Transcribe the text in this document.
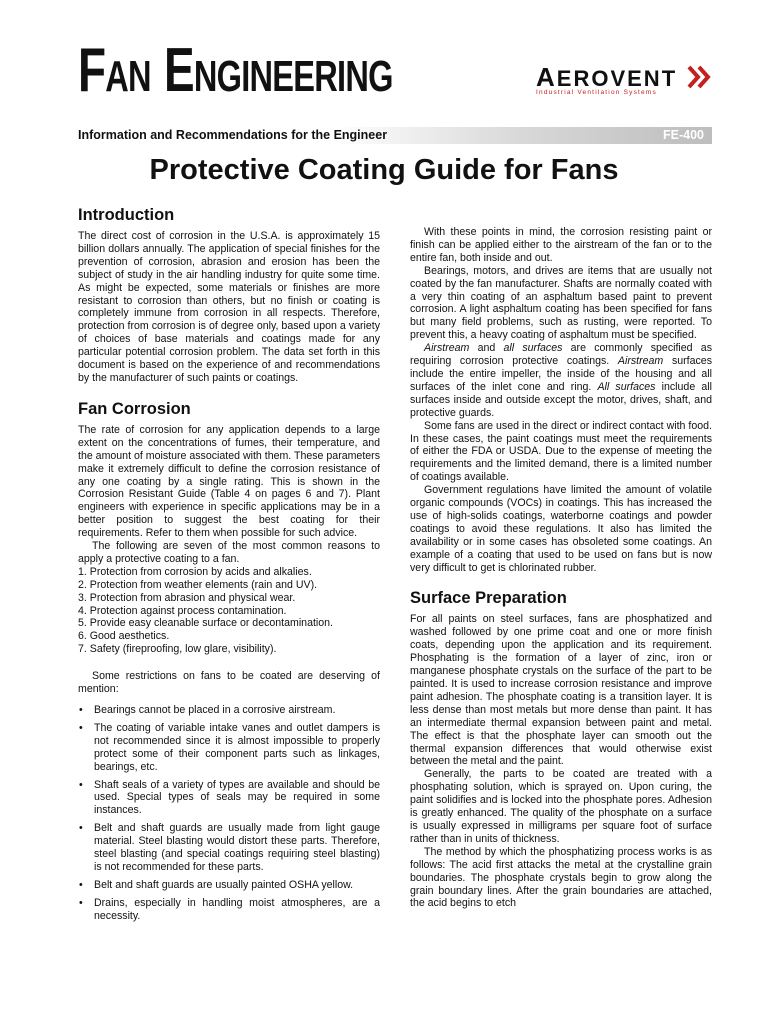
FAN ENGINEERING	AEROVENT
Industrial Ventilation Systems
Information and Recommendations for the Engineer	FE-400
Protective Coating Guide for Fans
Introduction

The direct cost of corrosion in the U.S.A. is approximately 15 billion dollars annually. The application of special finishes for the prevention of corrosion, abrasion and erosion has been the subject of study in the air handling industry for quite some time. As might be expected, some materials or finishes are more resistant to corrosion than others, but no finish or coating is completely immune from corrosion in all respects. Therefore, protection from corrosion is of degree only, based upon a variety of choices of base materials and coatings made for any particular potential corrosion problem. The data set forth in this document is based on the experience of and recommendations by the manufacturer of such paints or coatings.

Fan Corrosion

The rate of corrosion for any application depends to a large extent on the concentrations of fumes, their temperature, and the amount of moisture associated with them. These parameters make it extremely difficult to define the corrosion resistance of any one coating by a single rating. This is shown in the Corrosion Resistant Guide (Table 4 on pages 6 and 7). Plant engineers with experience in specific applications may be in a better position to suggest the best coating for their requirements. Refer to them when possible for such advice.

The following are seven of the most common reasons to apply a protective coating to a fan.

1. Protection from corrosion by acids and alkalies.
2. Protection from weather elements (rain and UV).
3. Protection from abrasion and physical wear.
4. Protection against process contamination.
5. Provide easy cleanable surface or decontamination.
6. Good aesthetics.
7. Safety (fireproofing, low glare, visibility).

Some restrictions on fans to be coated are deserving of mention:

• Bearings cannot be placed in a corrosive airstream.
• The coating of variable intake vanes and outlet dampers is not recommended since it is almost impossible to properly protect some of their component parts such as linkages, bearings, etc.
• Shaft seals of a variety of types are available and should be used. Special types of seals may be required in some instances.
• Belt and shaft guards are usually made from light gauge material. Steel blasting would distort these parts. Therefore, steel blasting (and special coatings requiring steel blasting) is not recommended for these parts.
• Belt and shaft guards are usually painted OSHA yellow.
• Drains, especially in handling moist atmospheres, are a necessity.

With these points in mind, the corrosion resisting paint or finish can be applied either to the airstream of the fan or to the entire fan, both inside and out.

Bearings, motors, and drives are items that are usually not coated by the fan manufacturer. Shafts are normally coated with a very thin coating of an asphaltum based paint to prevent corrosion. A light asphaltum coating has been specified for fans but many field problems, such as rusting, were reported. To prevent this, a heavy coating of asphaltum must be specified.

Airstream and all surfaces are commonly specified as requiring corrosion protective coatings. Airstream surfaces include the entire impeller, the inside of the housing and all surfaces of the inlet cone and ring. All surfaces include all surfaces inside and outside except the motor, drives, shaft, and protective guards.

Some fans are used in the direct or indirect contact with food. In these cases, the paint coatings must meet the requirements of either the FDA or USDA. Due to the expense of meeting the requirements and the limited demand, there is a limited number of coatings available.

Government regulations have limited the amount of volatile organic compounds (VOCs) in coatings. This has increased the use of high-solids coatings, waterborne coatings and powder coatings to avoid these regulations. It also has limited the availability or in some cases has obsoleted some coatings. An example of a coating that used to be used on fans but is now very difficult to get is chlorinated rubber.

Surface Preparation

For all paints on steel surfaces, fans are phosphatized and washed followed by one prime coat and one or more finish coats, depending upon the application and its requirement. Phosphating is the formation of a layer of zinc, iron or manganese phosphate crystals on the surface of the part to be painted. It is used to increase corrosion resistance and improve paint adhesion. The phosphate coating is a transition layer. It is less dense than most metals but more dense than paint. It has an intermediate thermal expansion between paint and metal. The effect is that the phosphate layer can smooth out the thermal expansion differences that would otherwise exist between the metal and the paint.

Generally, the parts to be coated are treated with a phosphating solution, which is sprayed on. Upon curing, the paint solidifies and is locked into the phosphate pores. Adhesion is greatly enhanced. The quality of the phosphate on a surface is usually expressed in milligrams per square foot of surface rather than in units of thickness.

The method by which the phosphatizing process works is as follows: The acid first attacks the metal at the crystalline grain boundaries. The phosphate crystals begin to grow along the grain boundary lines. After the grain boundaries are attached, the acid begins to etch
